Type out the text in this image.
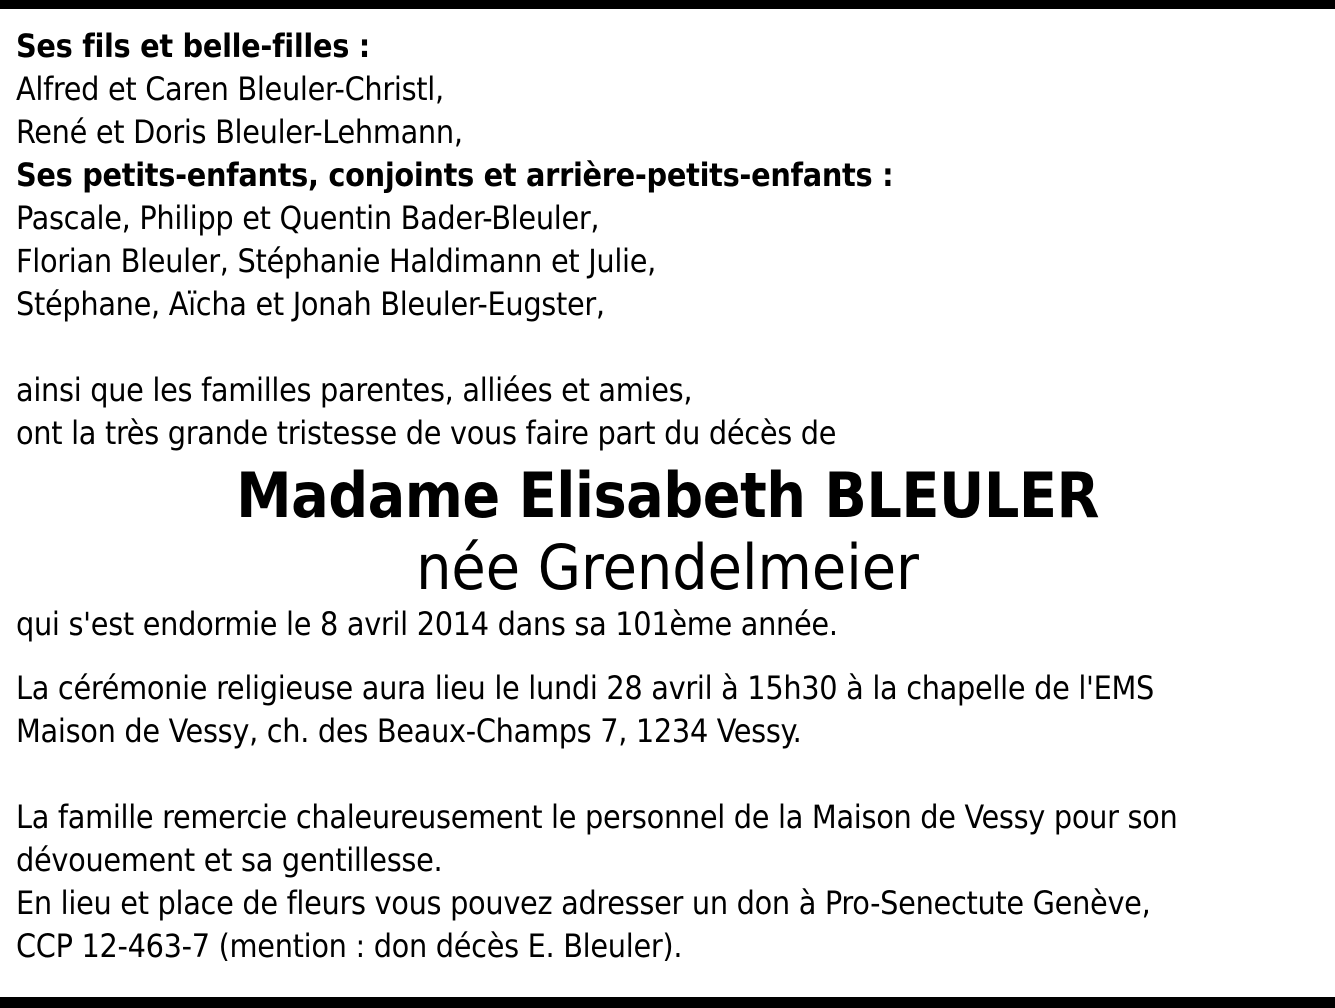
Ses fils et belle-filles :
Alfred et Caren Bleuler-Christl,
René et Doris Bleuler-Lehmann,
Ses petits-enfants, conjoints et arrière-petits-enfants :
Pascale, Philipp et Quentin Bader-Bleuler,
Florian Bleuler, Stéphanie Haldimann et Julie,
Stéphane, Aïcha et Jonah Bleuler-Eugster,
ainsi que les familles parentes, alliées et amies,
ont la très grande tristesse de vous faire part du décès de
Madame Elisabeth BLEULER
née Grendelmeier
qui s'est endormie le 8 avril 2014 dans sa 101ème année.
La cérémonie religieuse aura lieu le lundi 28 avril à 15h30 à la chapelle de l'EMS
Maison de Vessy, ch. des Beaux-Champs 7, 1234 Vessy.
La famille remercie chaleureusement le personnel de la Maison de Vessy pour son
dévouement et sa gentillesse.
En lieu et place de fleurs vous pouvez adresser un don à Pro-Senectute Genève,
CCP 12-463-7 (mention : don décès E. Bleuler).
